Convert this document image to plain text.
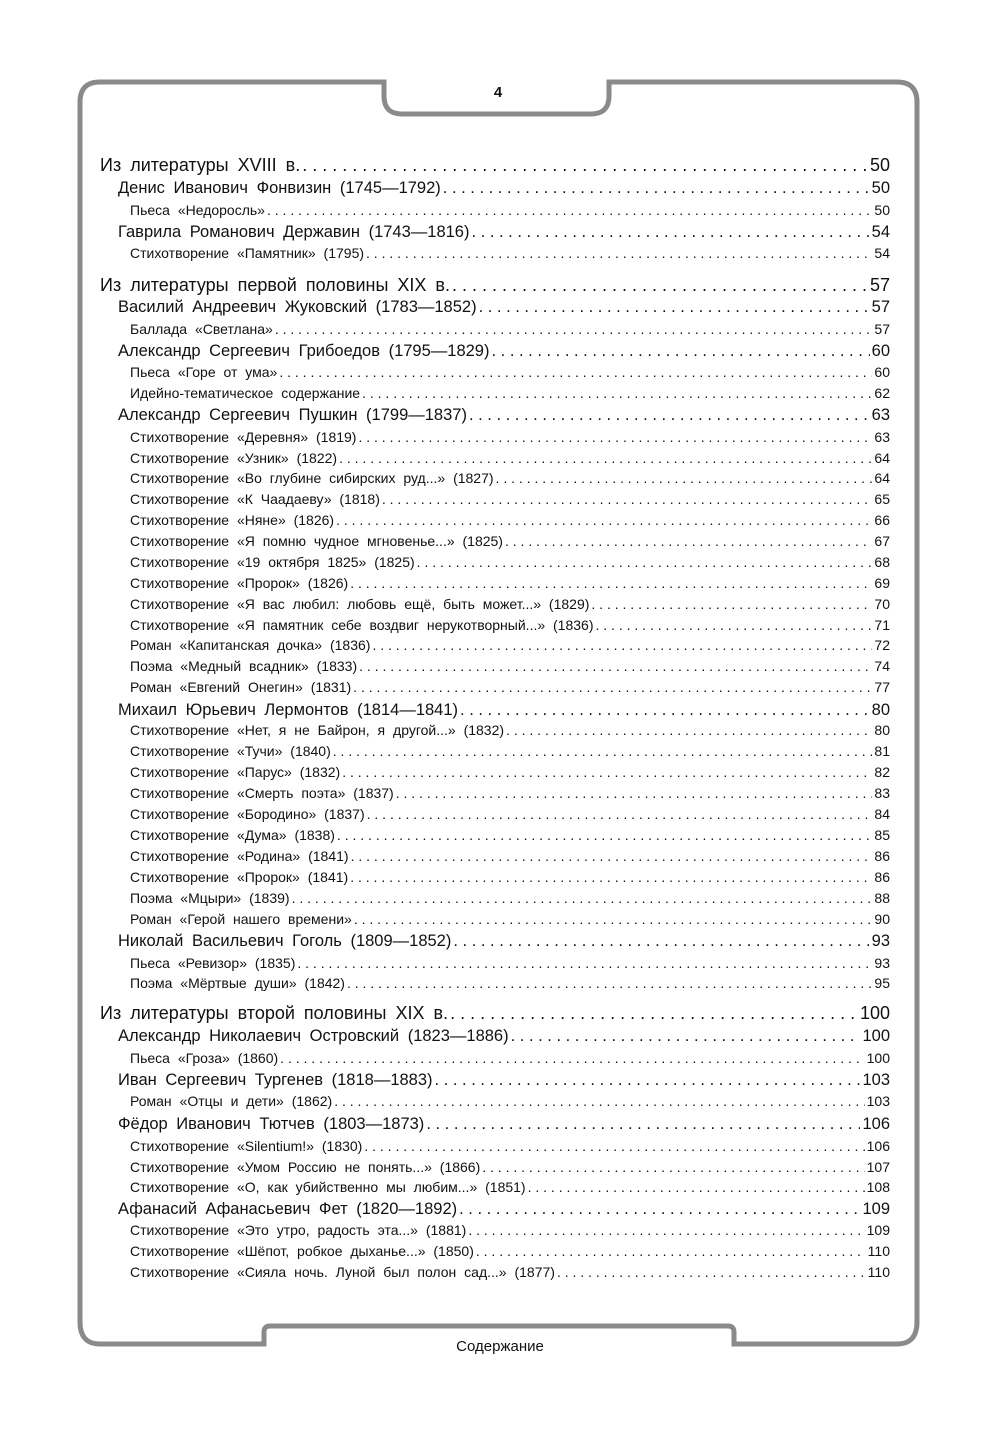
4
Из литературы XVIII в. . . .	50
Денис Иванович Фонвизин (1745—1792) . . .	50
Пьеса «Недоросль» . . .	50
Гаврила Романович Державин (1743—1816) . . .	54
Стихотворение «Памятник» (1795) . . .	54
Из литературы первой половины XIX в. . . .	57
Василий Андреевич Жуковский (1783—1852) . . .	57
Баллада «Светлана» . . .	57
Александр Сергеевич Грибоедов (1795—1829) . . .	60
Пьеса «Горе от ума» . . .	60
Идейно-тематическое содержание . . .	62
Александр Сергеевич Пушкин (1799—1837) . . .	63
Стихотворение «Деревня» (1819) . . .	63
Стихотворение «Узник» (1822) . . .	64
Стихотворение «Во глубине сибирских руд...» (1827) . . .	64
Стихотворение «К Чаадаеву» (1818) . . .	65
Стихотворение «Няне» (1826) . . .	66
Стихотворение «Я помню чудное мгновенье...» (1825) . . .	67
Стихотворение «19 октября 1825» (1825) . . .	68
Стихотворение «Пророк» (1826) . . .	69
Стихотворение «Я вас любил: любовь ещё, быть может...» (1829) . . .	70
Стихотворение «Я памятник себе воздвиг нерукотворный...» (1836) . . .	71
Роман «Капитанская дочка» (1836) . . .	72
Поэма «Медный всадник» (1833) . . .	74
Роман «Евгений Онегин» (1831) . . .	77
Михаил Юрьевич Лермонтов (1814—1841) . . .	80
Стихотворение «Нет, я не Байрон, я другой...» (1832) . . .	80
Стихотворение «Тучи» (1840) . . .	81
Стихотворение «Парус» (1832) . . .	82
Стихотворение «Смерть поэта» (1837) . . .	83
Стихотворение «Бородино» (1837) . . .	84
Стихотворение «Дума» (1838) . . .	85
Стихотворение «Родина» (1841) . . .	86
Стихотворение «Пророк» (1841) . . .	86
Поэма «Мцыри» (1839) . . .	88
Роман «Герой нашего времени» . . .	90
Николай Васильевич Гоголь (1809—1852) . . .	93
Пьеса «Ревизор» (1835) . . .	93
Поэма «Мёртвые души» (1842) . . .	95
Из литературы второй половины XIX в. . . .	100
Александр Николаевич Островский (1823—1886) . . .	100
Пьеса «Гроза» (1860) . . .	100
Иван Сергеевич Тургенев (1818—1883) . . .	103
Роман «Отцы и дети» (1862) . . .	103
Фёдор Иванович Тютчев (1803—1873) . . .	106
Стихотворение «Silentium!» (1830) . . .	106
Стихотворение «Умом Россию не понять...» (1866) . . .	107
Стихотворение «О, как убийственно мы любим...» (1851) . . .	108
Афанасий Афанасьевич Фет (1820—1892) . . .	109
Стихотворение «Это утро, радость эта...» (1881) . . .	109
Стихотворение «Шёпот, робкое дыханье...» (1850) . . .	110
Стихотворение «Сияла ночь. Луной был полон сад...» (1877) . . .	110
Содержание
